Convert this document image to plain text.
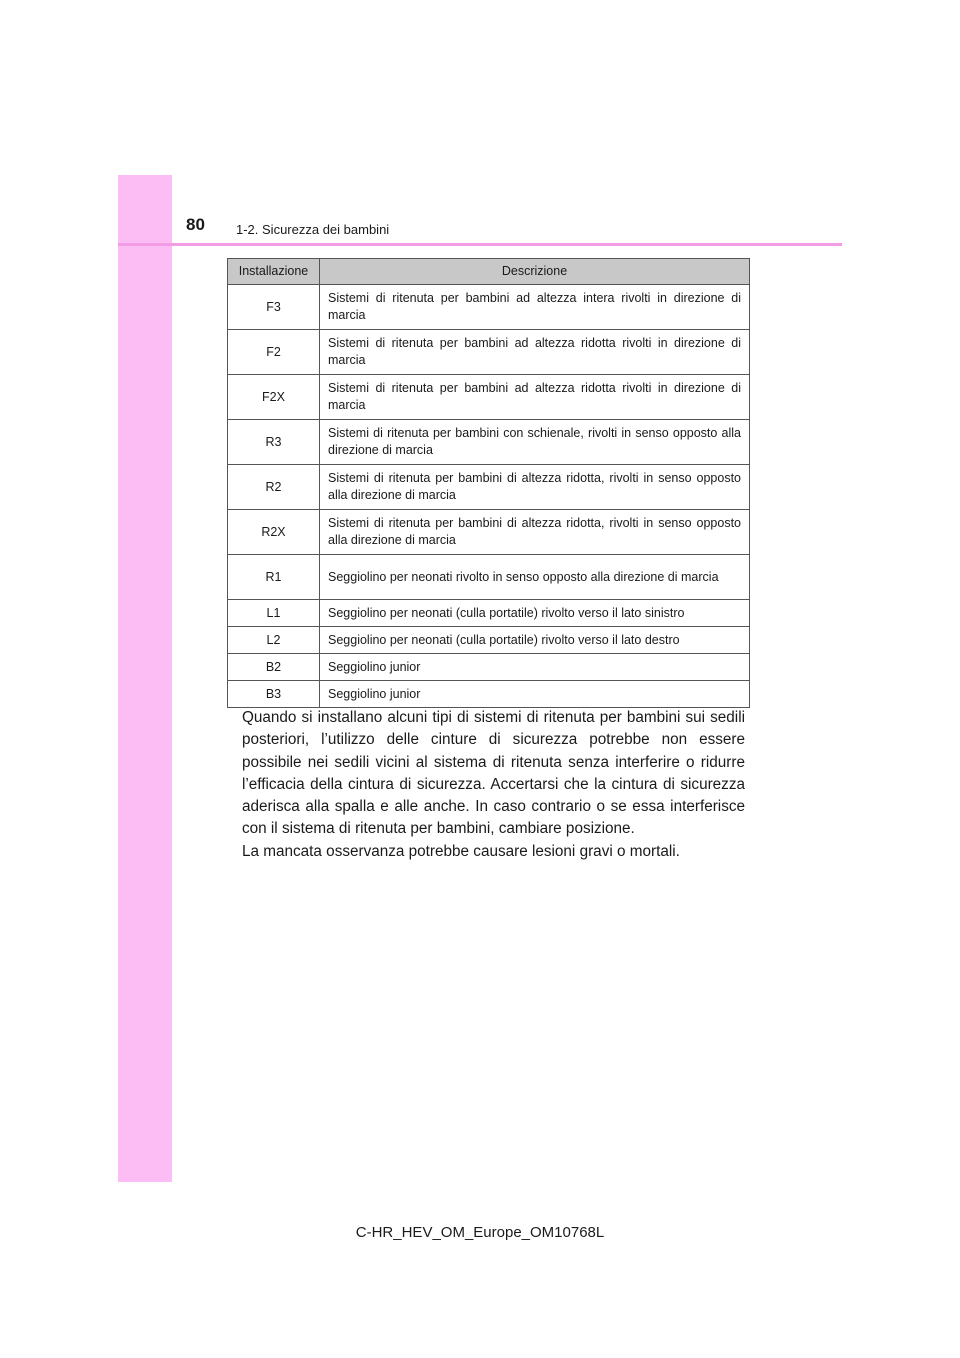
80 1-2. Sicurezza dei bambini
Installazione	Descrizione
F3	Sistemi di ritenuta per bambini ad altezza intera rivolti in direzione di marcia
F2	Sistemi di ritenuta per bambini ad altezza ridotta rivolti in direzione di marcia
F2X	Sistemi di ritenuta per bambini ad altezza ridotta rivolti in direzione di marcia
R3	Sistemi di ritenuta per bambini con schienale, rivolti in senso opposto alla direzione di marcia
R2	Sistemi di ritenuta per bambini di altezza ridotta, rivolti in senso opposto alla direzione di marcia
R2X	Sistemi di ritenuta per bambini di altezza ridotta, rivolti in senso opposto alla direzione di marcia
R1	Seggiolino per neonati rivolto in senso opposto alla direzione di marcia
L1	Seggiolino per neonati (culla portatile) rivolto verso il lato sinistro
L2	Seggiolino per neonati (culla portatile) rivolto verso il lato destro
B2	Seggiolino junior
B3	Seggiolino junior

Quando si installano alcuni tipi di sistemi di ritenuta per bambini sui sedili posteriori, l’utilizzo delle cinture di sicurezza potrebbe non essere possibile nei sedili vicini al sistema di ritenuta senza interferire o ridurre l’efficacia della cintura di sicurezza. Accertarsi che la cintura di sicurezza aderisca alla spalla e alle anche. In caso contrario o se essa interferisce con il sistema di ritenuta per bambini, cambiare posizione.

La mancata osservanza potrebbe causare lesioni gravi o mortali.

C-HR_HEV_OM_Europe_OM10768L
